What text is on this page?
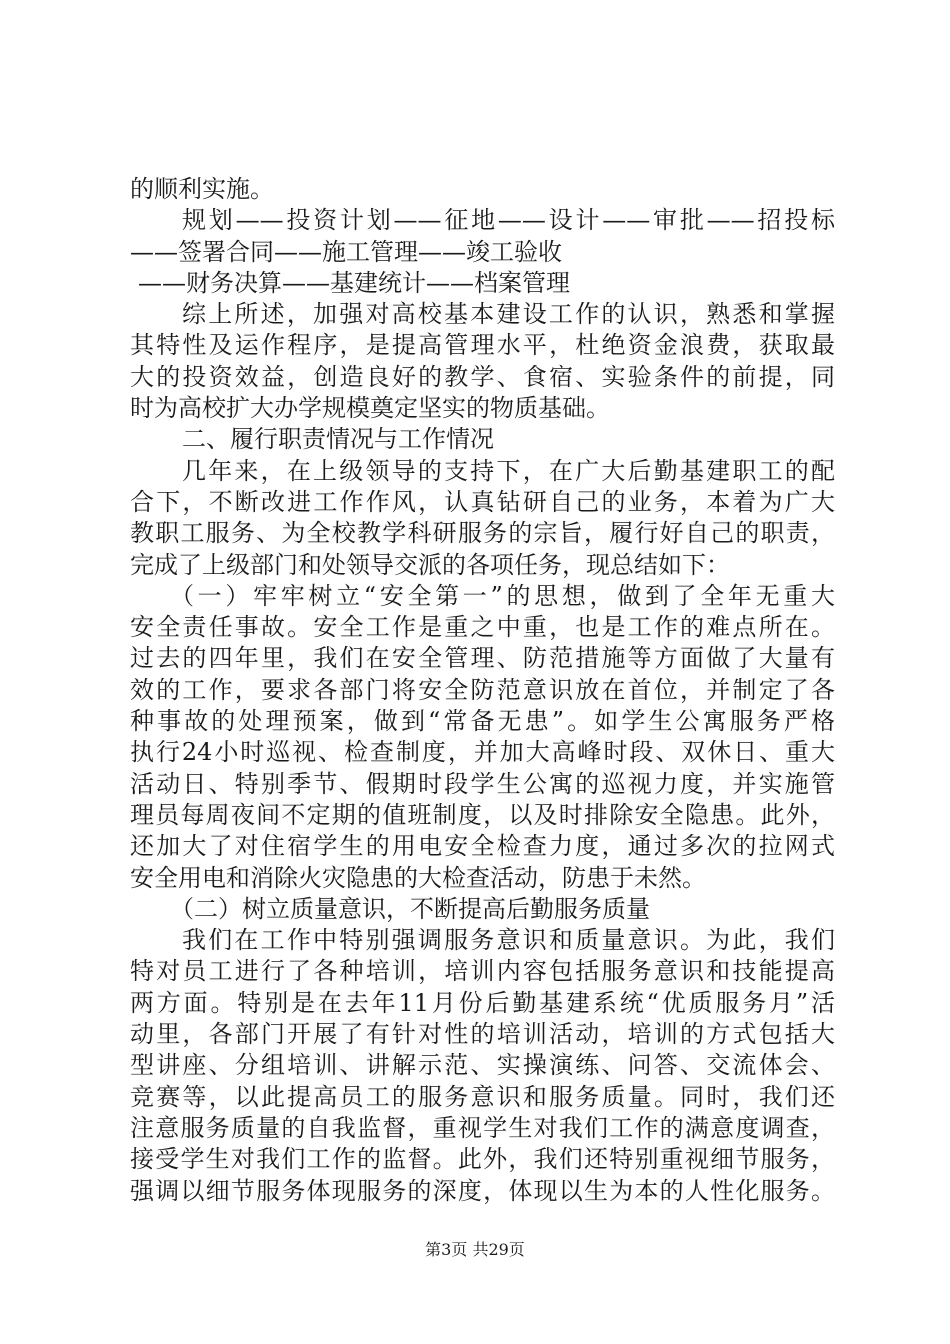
的顺利实施。
规划——投资计划——征地——设计——审批——招投标
——签署合同——施工管理——竣工验收
——财务决算——基建统计——档案管理
综上所述，加强对高校基本建设工作的认识，熟悉和掌握
其特性及运作程序，是提高管理水平，杜绝资金浪费，获取最
大的投资效益，创造良好的教学、食宿、实验条件的前提，同
时为高校扩大办学规模奠定坚实的物质基础。
二、履行职责情况与工作情况
几年来，在上级领导的支持下，在广大后勤基建职工的配
合下，不断改进工作作风，认真钻研自己的业务，本着为广大
教职工服务、为全校教学科研服务的宗旨，履行好自己的职责，
完成了上级部门和处领导交派的各项任务，现总结如下：
（一）牢牢树立“安全第一”的思想，做到了全年无重大
安全责任事故。安全工作是重之中重，也是工作的难点所在。
过去的四年里，我们在安全管理、防范措施等方面做了大量有
效的工作，要求各部门将安全防范意识放在首位，并制定了各
种事故的处理预案，做到“常备无患”。如学生公寓服务严格
执行24小时巡视、检查制度，并加大高峰时段、双休日、重大
活动日、特别季节、假期时段学生公寓的巡视力度，并实施管
理员每周夜间不定期的值班制度，以及时排除安全隐患。此外，
还加大了对住宿学生的用电安全检查力度，通过多次的拉网式
安全用电和消除火灾隐患的大检查活动，防患于未然。
（二）树立质量意识，不断提高后勤服务质量
我们在工作中特别强调服务意识和质量意识。为此，我们
特对员工进行了各种培训，培训内容包括服务意识和技能提高
两方面。特别是在去年11月份后勤基建系统“优质服务月”活
动里，各部门开展了有针对性的培训活动，培训的方式包括大
型讲座、分组培训、讲解示范、实操演练、问答、交流体会、
竞赛等，以此提高员工的服务意识和服务质量。同时，我们还
注意服务质量的自我监督，重视学生对我们工作的满意度调查，
接受学生对我们工作的监督。此外，我们还特别重视细节服务，
强调以细节服务体现服务的深度，体现以生为本的人性化服务。
第3页 共29页
